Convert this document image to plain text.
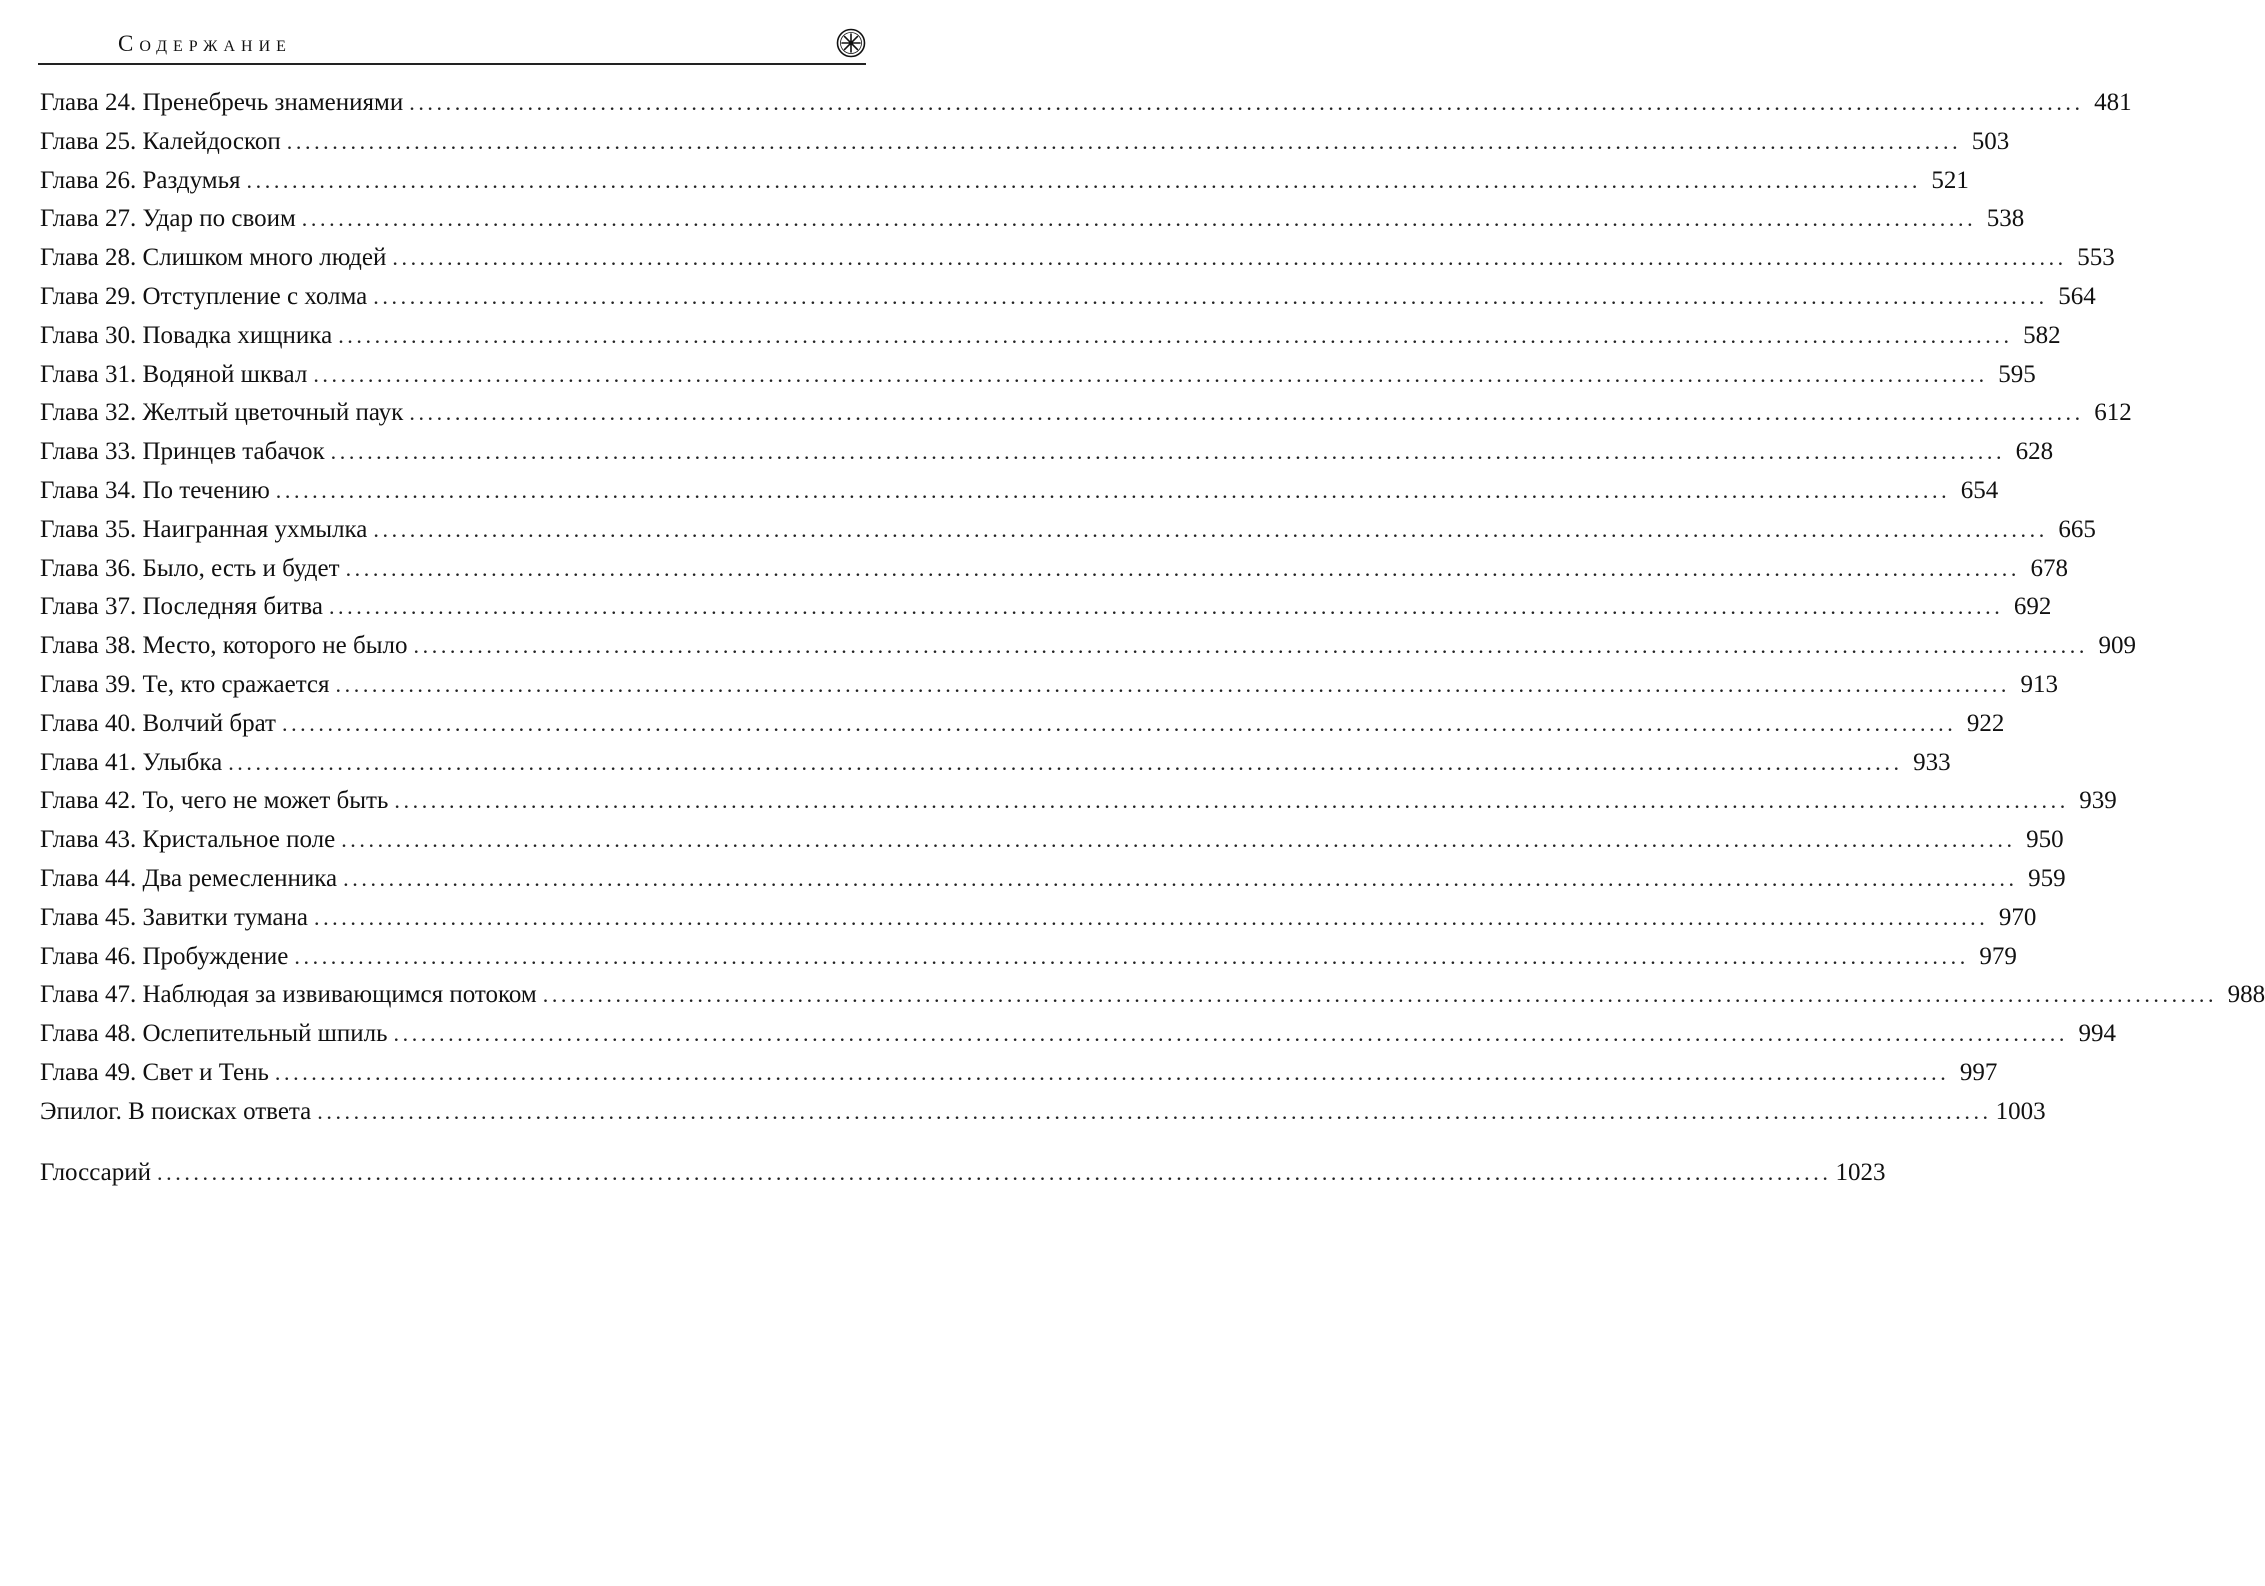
Содержание
Глава 24. Пренебречь знамениями ........................................................................................................................................................................................ 481
Глава 25. Калейдоскоп ........................................................................................................................................................................................ 503
Глава 26. Раздумья ........................................................................................................................................................................................ 521
Глава 27. Удар по своим ........................................................................................................................................................................................ 538
Глава 28. Слишком много людей ........................................................................................................................................................................................ 553
Глава 29. Отступление с холма ........................................................................................................................................................................................ 564
Глава 30. Повадка хищника ........................................................................................................................................................................................ 582
Глава 31. Водяной шквал ........................................................................................................................................................................................ 595
Глава 32. Желтый цветочный паук ........................................................................................................................................................................................ 612
Глава 33. Принцев табачок ........................................................................................................................................................................................ 628
Глава 34. По течению ........................................................................................................................................................................................ 654
Глава 35. Наигранная ухмылка ........................................................................................................................................................................................ 665
Глава 36. Было, есть и будет ........................................................................................................................................................................................ 678
Глава 37. Последняя битва ........................................................................................................................................................................................ 692
Глава 38. Место, которого не было ........................................................................................................................................................................................ 909
Глава 39. Те, кто сражается ........................................................................................................................................................................................ 913
Глава 40. Волчий брат ........................................................................................................................................................................................ 922
Глава 41. Улыбка ........................................................................................................................................................................................ 933
Глава 42. То, чего не может быть ........................................................................................................................................................................................ 939
Глава 43. Кристальное поле ........................................................................................................................................................................................ 950
Глава 44. Два ремесленника ........................................................................................................................................................................................ 959
Глава 45. Завитки тумана ........................................................................................................................................................................................ 970
Глава 46. Пробуждение ........................................................................................................................................................................................ 979
Глава 47. Наблюдая за извивающимся потоком ........................................................................................................................................................................................ 988
Глава 48. Ослепительный шпиль ........................................................................................................................................................................................ 994
Глава 49. Свет и Тень ........................................................................................................................................................................................ 997
Эпилог. В поисках ответа ........................................................................................................................................................................................ 1003
Глоссарий ........................................................................................................................................................................................ 1023
